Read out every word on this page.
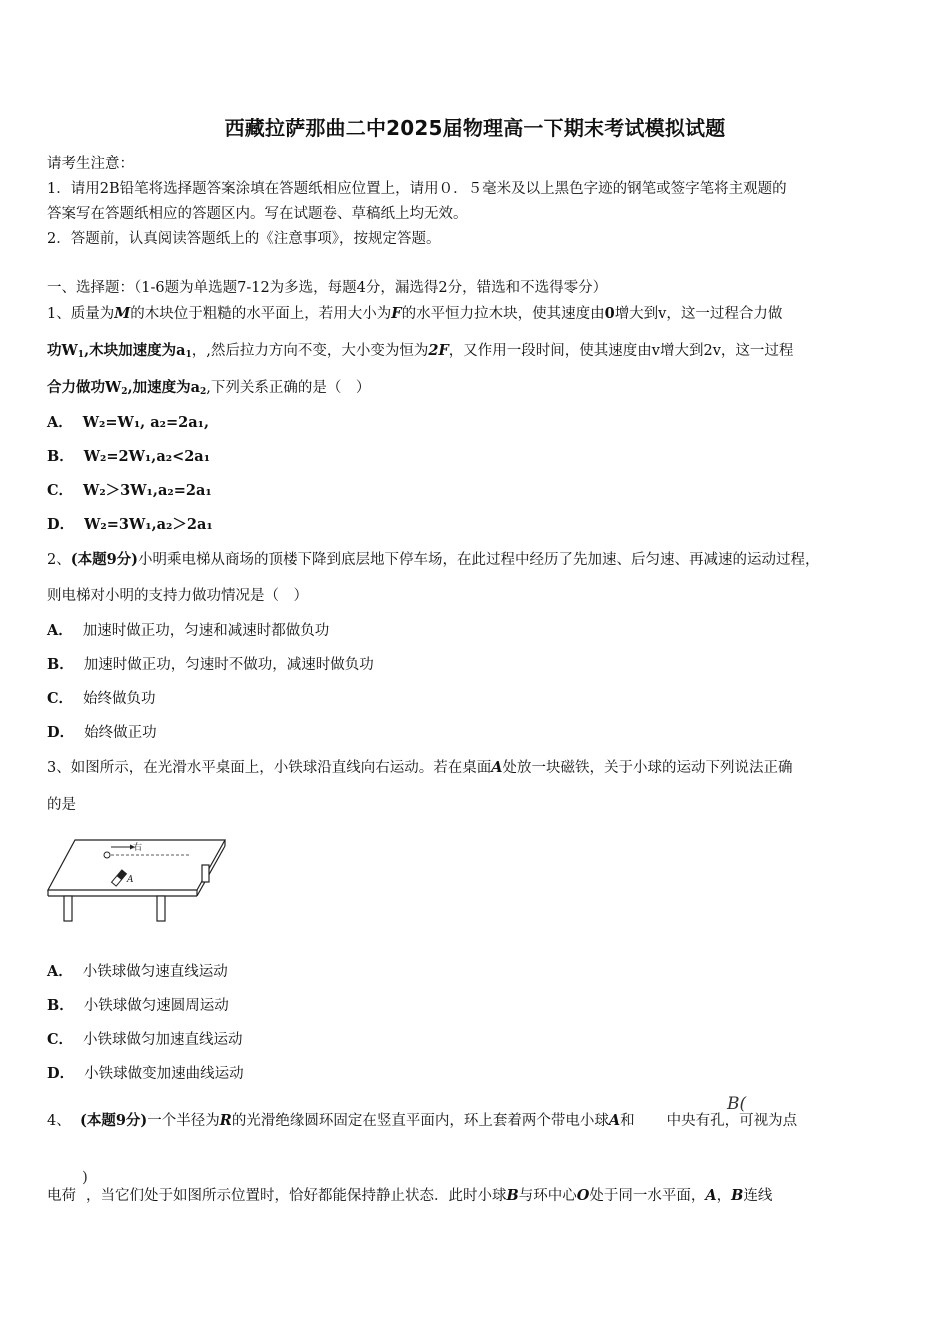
西藏拉萨那曲二中2025届物理高一下期末考试模拟试题
请考生注意：
1．请用2B铅笔将选择题答案涂填在答题纸相应位置上，请用０．５毫米及以上黑色字迹的钢笔或签字笔将主观题的
答案写在答题纸相应的答题区内。写在试题卷、草稿纸上均无效。
2．答题前，认真阅读答题纸上的《注意事项》，按规定答题。
一、选择题：（1-6题为单选题7-12为多选，每题4分，漏选得2分，错选和不选得零分）
1、质量为M的木块位于粗糙的水平面上，若用大小为F的水平恒力拉木块，使其速度由0增大到v，这一过程合力做
功$W_1$,木块加速度为$a_1$，,然后拉力方向不变，大小变为恒为2F，又作用一段时间，使其速度由v增大到2v，这一过程
合力做功$W_2$,加速度为$a_2$,下列关系正确的是（　）
A． W₂=W₁, a₂=2a₁,
B． W₂=2W₁,a₂<2a₁
C． W₂＞3W₁,a₂=2a₁
D． W₂=3W₁,a₂＞2a₁
2、(本题9分)小明乘电梯从商场的顶楼下降到底层地下停车场，在此过程中经历了先加速、后匀速、再减速的运动过程，
则电梯对小明的支持力做功情况是（　）
A． 加速时做正功，匀速和减速时都做负功
B． 加速时做正功，匀速时不做功，减速时做负功
C． 始终做负功
D． 始终做正功
3、如图所示，在光滑水平桌面上，小铁球沿直线向右运动。若在桌面A处放一块磁铁，关于小球的运动下列说法正确
的是
右
A
A． 小铁球做匀速直线运动
B． 小铁球做匀速圆周运动
C． 小铁球做匀加速直线运动
D． 小铁球做变加速曲线运动
4、 (本题9分)一个半径为R的光滑绝缘圆环固定在竖直平面内，环上套着两个带电小球A和 中央有孔，可视为点
B(
)
电荷 ，当它们处于如图所示位置时，恰好都能保持静止状态．此时小球B与环中心O处于同一水平面，A，B连线
